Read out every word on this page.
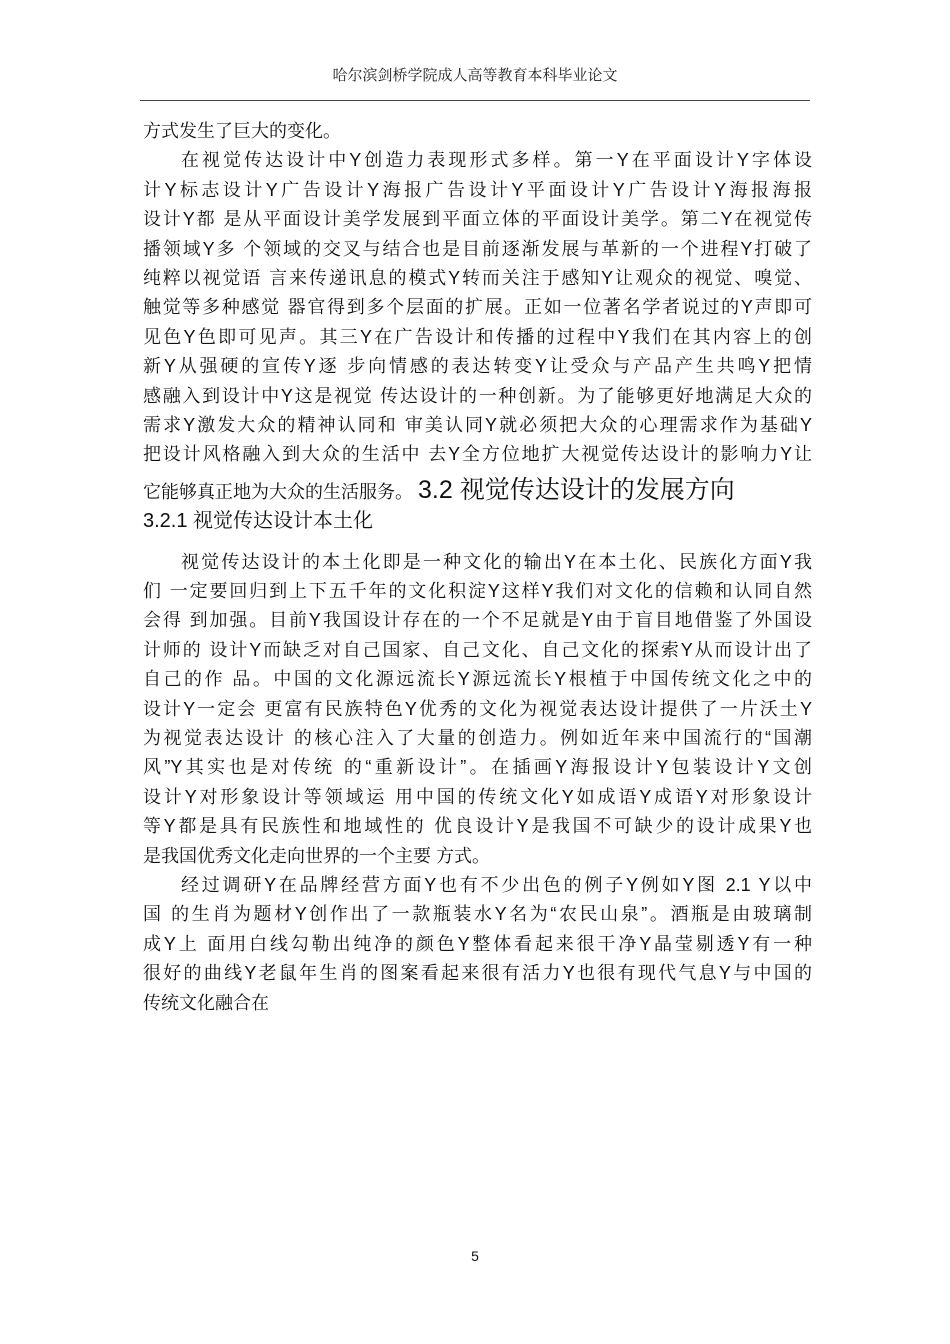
哈尔滨剑桥学院成人高等教育本科毕业论文
方式发生了巨大的变化。
在视觉传达设计中Y创造力表现形式多样。第一Y在平面设计Y字体设
计Y标志设计Y广告设计Y海报广告设计Y平面设计Y广告设计Y海报海报
设计Y都 是从平面设计美学发展到平面立体的平面设计美学。第二Y在视觉传
播领域Y多 个领域的交叉与结合也是目前逐渐发展与革新的一个进程Y打破了
纯粹以视觉语 言来传递讯息的模式Y转而关注于感知Y让观众的视觉、嗅觉、
触觉等多种感觉 器官得到多个层面的扩展。正如一位著名学者说过的Y声即可
见色Y色即可见声。其三Y在广告设计和传播的过程中Y我们在其内容上的创
新Y从强硬的宣传Y逐 步向情感的表达转变Y让受众与产品产生共鸣Y把情
感融入到设计中Y这是视觉 传达设计的一种创新。为了能够更好地满足大众的
需求Y激发大众的精神认同和 审美认同Y就必须把大众的心理需求作为基础Y
把设计风格融入到大众的生活中 去Y全方位地扩大视觉传达设计的影响力Y让
它能够真正地为大众的生活服务。 3.2 视觉传达设计的发展方向
3.2.1 视觉传达设计本土化
视觉传达设计的本土化即是一种文化的输出Y在本土化、民族化方面Y我
们 一定要回归到上下五千年的文化积淀Y这样Y我们对文化的信赖和认同自然
会得 到加强。目前Y我国设计存在的一个不足就是Y由于盲目地借鉴了外国设
计师的 设计Y而缺乏对自己国家、自己文化、自己文化的探索Y从而设计出了
自己的作 品。中国的文化源远流长Y源远流长Y根植于中国传统文化之中的
设计Y一定会 更富有民族特色Y优秀的文化为视觉表达设计提供了一片沃土Y
为视觉表达设计 的核心注入了大量的创造力。例如近年来中国流行的“国潮
风”Y其实也是对传统 的“重新设计”。在插画Y海报设计Y包装设计Y文创
设计Y对形象设计等领域运 用中国的传统文化Y如成语Y成语Y对形象设计
等Y都是具有民族性和地域性的 优良设计Y是我国不可缺少的设计成果Y也
是我国优秀文化走向世界的一个主要 方式。
经过调研Y在品牌经营方面Y也有不少出色的例子Y例如Y图 2.1 Y以中
国 的生肖为题材Y创作出了一款瓶装水Y名为“农民山泉”。酒瓶是由玻璃制
成Y上 面用白线勾勒出纯净的颜色Y整体看起来很干净Y晶莹剔透Y有一种
很好的曲线Y老鼠年生肖的图案看起来很有活力Y也很有现代气息Y与中国的
传统文化融合在
5
